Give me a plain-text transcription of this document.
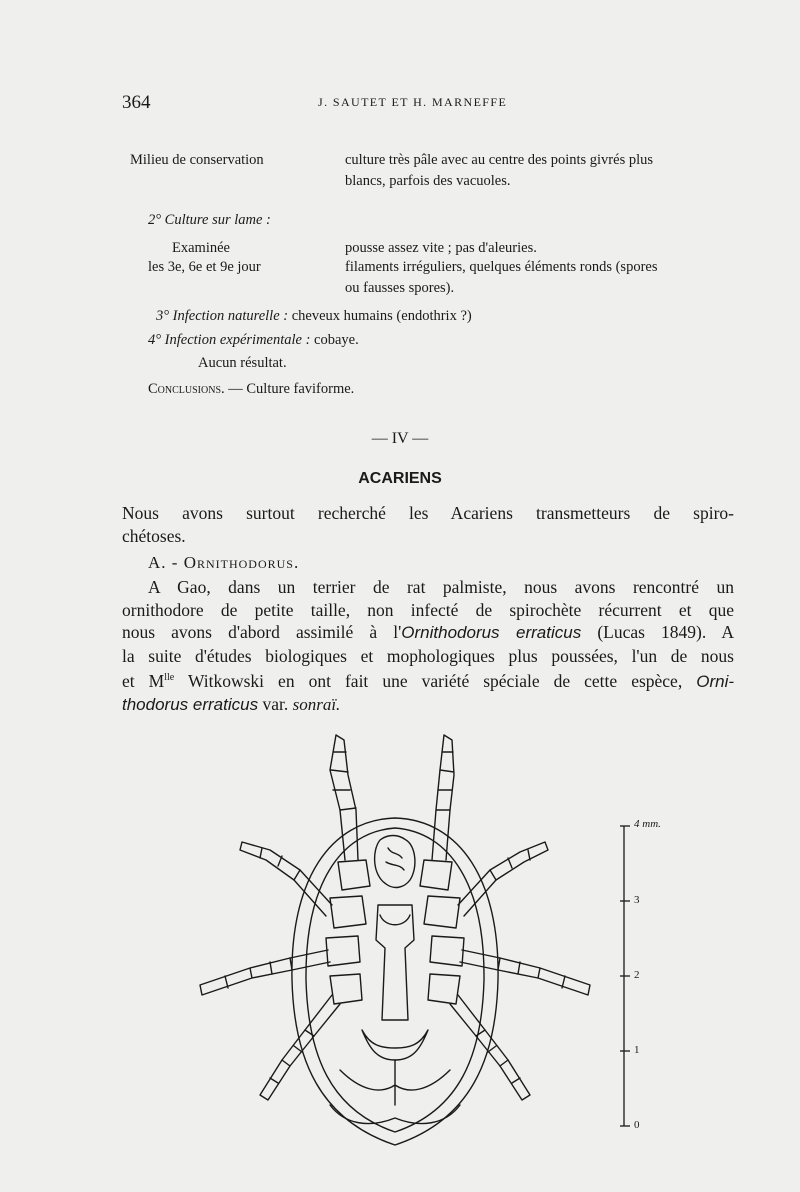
364	J. SAUTET ET H. MARNEFFE
Milieu de conservation	culture très pâle avec au centre des points givrés plus
blancs, parfois des vacuoles.
2° Culture sur lame :
Examinée
les 3e, 6e et 9e jour
pousse assez vite ; pas d'aleuries.
filaments irréguliers, quelques éléments ronds (spores
ou fausses spores).
3° Infection naturelle : cheveux humains (endothrix ?)
4° Infection expérimentale : cobaye.
Aucun résultat.
Conclusions. — Culture faviforme.
— IV —
ACARIENS
Nous avons surtout recherché les Acariens transmetteurs de spiro-
chétoses.
A. - Ornithodorus.
A Gao, dans un terrier de rat palmiste, nous avons rencontré un
ornithodore de petite taille, non infecté de spirochète récurrent et que
nous avons d'abord assimilé à l'Ornithodorus erraticus (Lucas 1849). A
la suite d'études biologiques et mophologiques plus poussées, l'un de nous
et $M^{lle}$ Witkowski en ont fait une variété spéciale de cette espèce, Orni-
thodorus erraticus var. sonraï.
4 mm.
3
2
1
0
